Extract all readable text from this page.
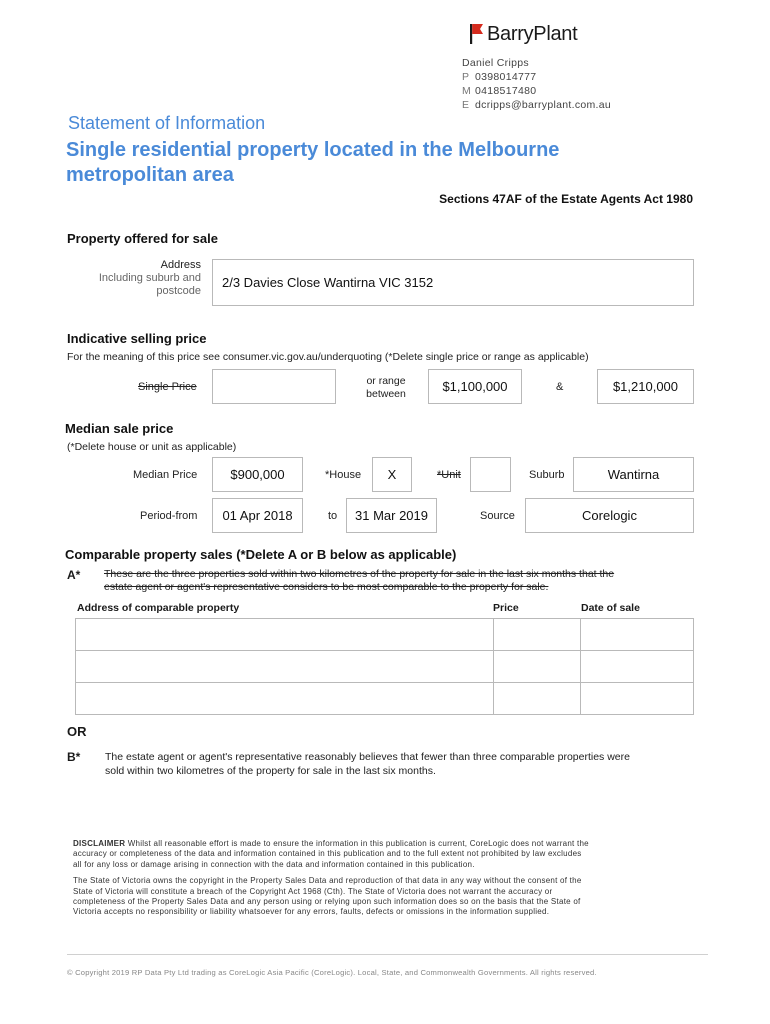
BarryPlant
Daniel Cripps
P 0398014777
M 0418517480
E dcripps@barryplant.com.au
Statement of Information
Single residential property located in the Melbourne
metropolitan area
Sections 47AF of the Estate Agents Act 1980
Property offered for sale
Address
Including suburb and
postcode
2/3 Davies Close Wantirna VIC 3152
Indicative selling price
For the meaning of this price see consumer.vic.gov.au/underquoting (*Delete single price or range as applicable)
Single Price	or range
between	$1,100,000	&	$1,210,000
Median sale price
(*Delete house or unit as applicable)
Median Price	$900,000	*House X	*Unit	Suburb	Wantirna
Period-from 01 Apr 2018	to 31 Mar 2019	Source	Corelogic
Comparable property sales (*Delete A or B below as applicable)
A* These are the three properties sold within two kilometres of the property for sale in the last six months that the
estate agent or agent's representative considers to be most comparable to the property for sale.
Address of comparable property	Price	Date of sale

OR
B* The estate agent or agent's representative reasonably believes that fewer than three comparable properties were
sold within two kilometres of the property for sale in the last six months.
DISCLAIMER Whilst all reasonable effort is made to ensure the information in this publication is current, CoreLogic does not warrant the
accuracy or completeness of the data and information contained in this publication and to the full extent not prohibited by law excludes
all for any loss or damage arising in connection with the data and information contained in this publication.
The State of Victoria owns the copyright in the Property Sales Data and reproduction of that data in any way without the consent of the
State of Victoria will constitute a breach of the Copyright Act 1968 (Cth). The State of Victoria does not warrant the accuracy or
completeness of the Property Sales Data and any person using or relying upon such information does so on the basis that the State of
Victoria accepts no responsibility or liability whatsoever for any errors, faults, defects or omissions in the information supplied.
© Copyright 2019 RP Data Pty Ltd trading as CoreLogic Asia Pacific (CoreLogic). Local, State, and Commonwealth Governments. All rights reserved.
